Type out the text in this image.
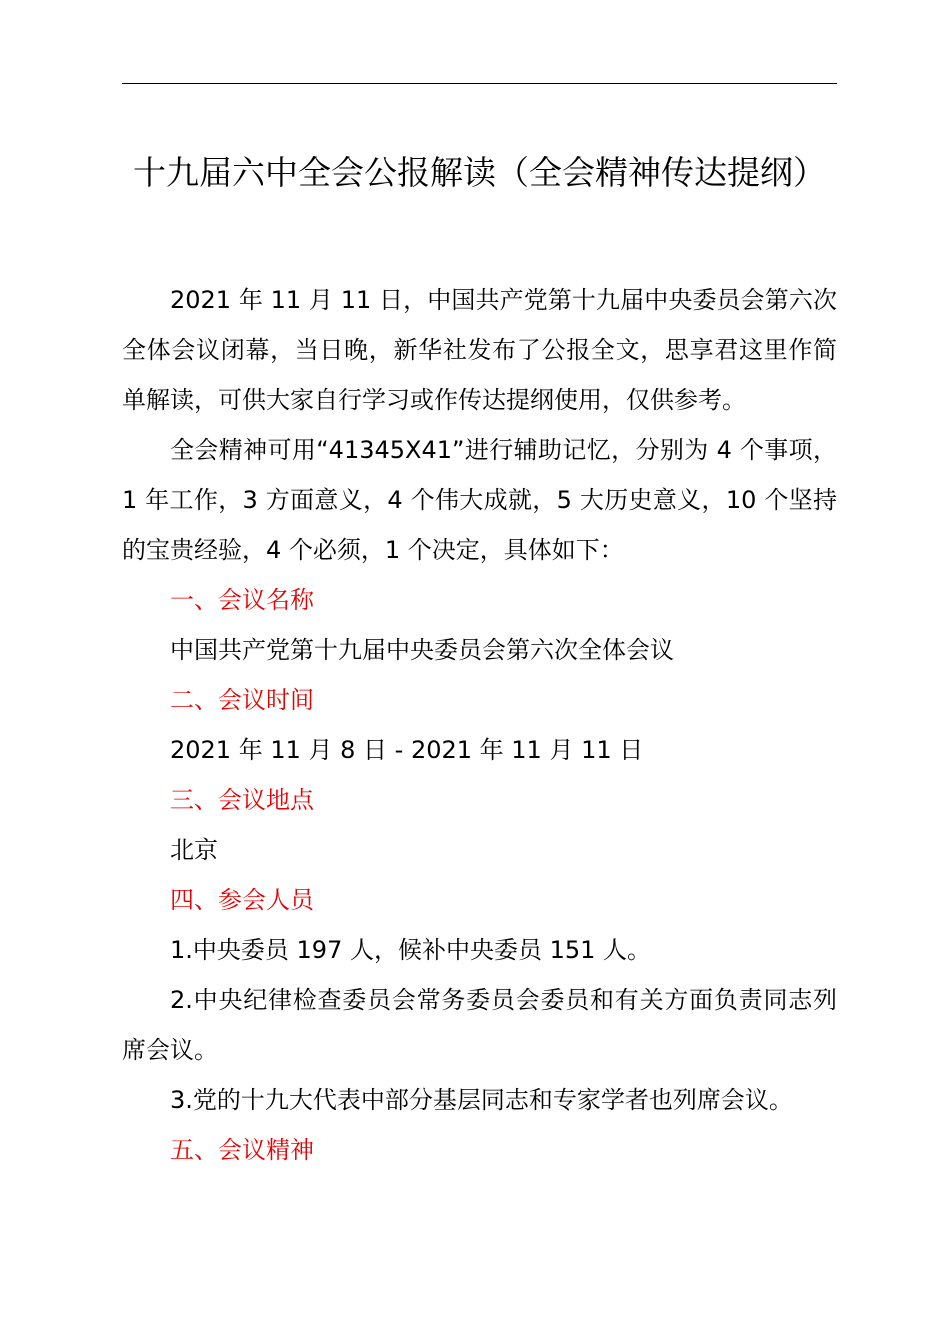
十九届六中全会公报解读（全会精神传达提纲）

2021 年 11 月 11 日，中国共产党第十九届中央委员会第六次全体会议闭幕，当日晚，新华社发布了公报全文，思享君这里作简单解读，可供大家自行学习或作传达提纲使用，仅供参考。

全会精神可用“41345X41”进行辅助记忆，分别为 4 个事项，1 年工作，3 方面意义，4 个伟大成就，5 大历史意义，10 个坚持的宝贵经验，4 个必须，1 个决定，具体如下：

一、会议名称

中国共产党第十九届中央委员会第六次全体会议

二、会议时间

2021 年 11 月 8 日 - 2021 年 11 月 11 日

三、会议地点

北京

四、参会人员

1.中央委员 197 人，候补中央委员 151 人。

2.中央纪律检查委员会常务委员会委员和有关方面负责同志列席会议。

3.党的十九大代表中部分基层同志和专家学者也列席会议。

五、会议精神
